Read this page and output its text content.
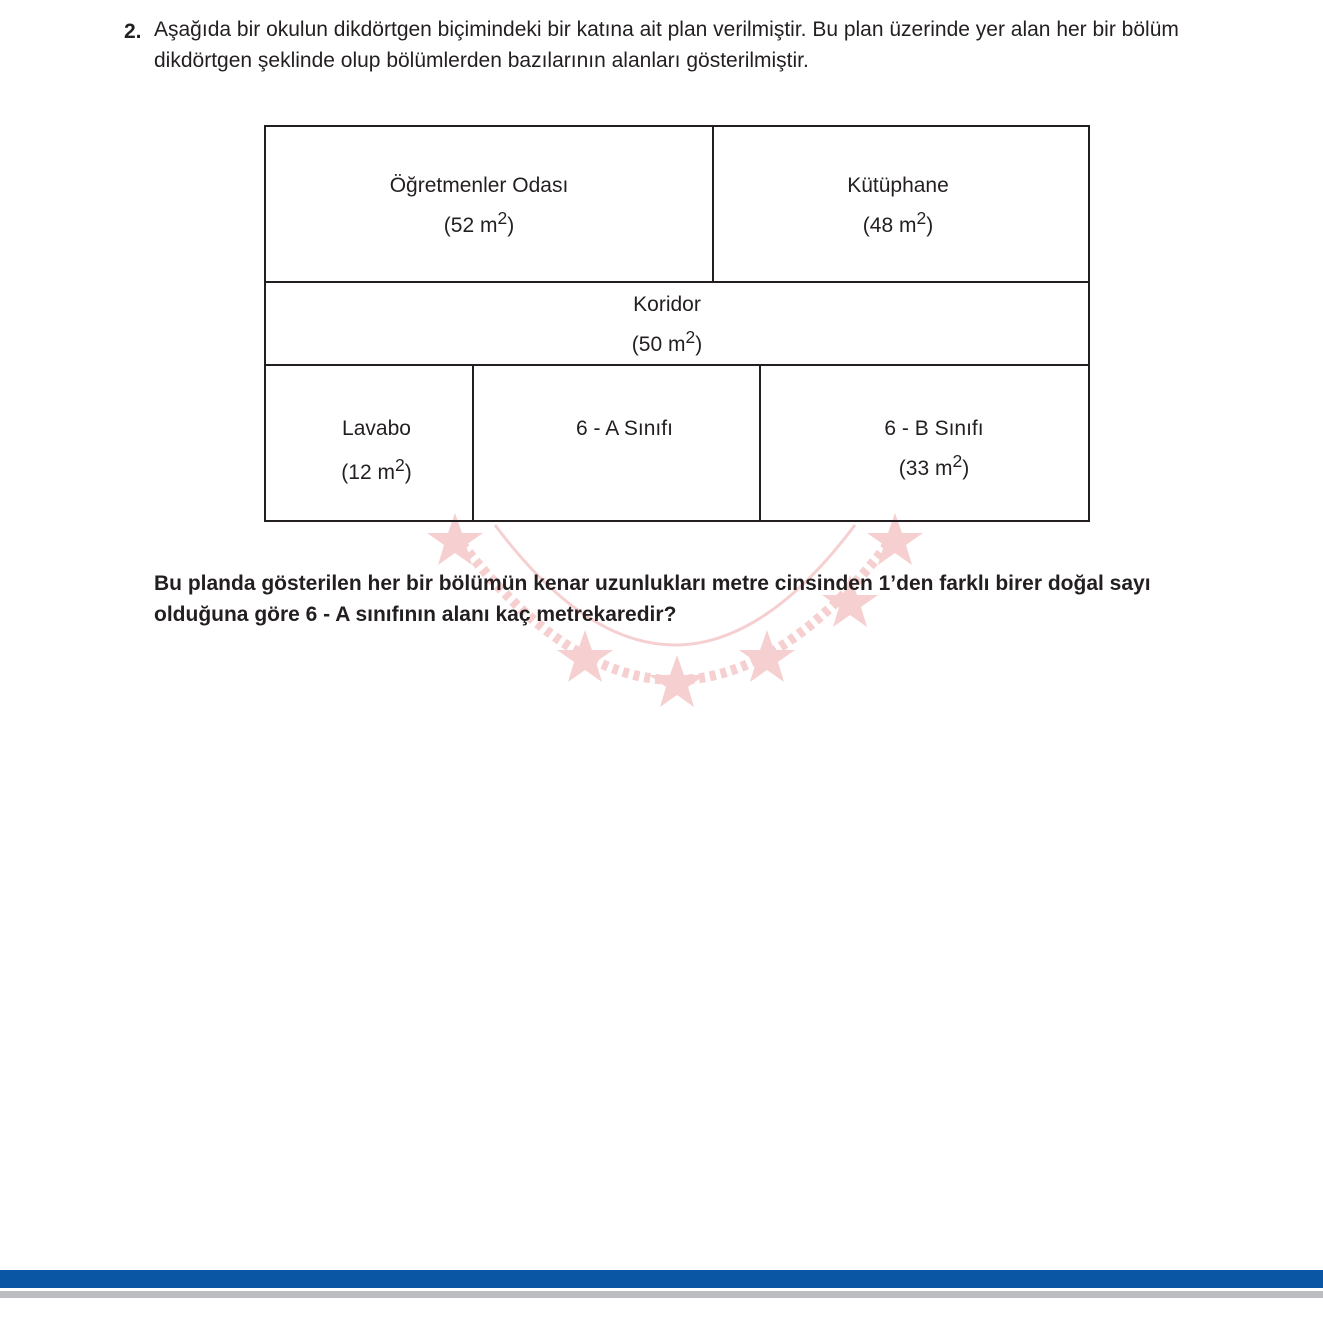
2. Aşağıda bir okulun dikdörtgen biçimindeki bir katına ait plan verilmiştir. Bu plan üzerinde yer alan her bir bölüm dikdörtgen şeklinde olup bölümlerden bazılarının alanları gösterilmiştir.

Öğretmenler Odası
(52 $m^2$)
Kütüphane
(48 $m^2$)
Koridor
(50 $m^2$)
Lavabo
(12 $m^2$)
6 - A Sınıfı	6 - B Sınıfı
(33 $m^2$)

Bu planda gösterilen her bir bölümün kenar uzunlukları metre cinsinden 1’den farklı birer doğal sayı olduğuna göre 6 - A sınıfının alanı kaç metrekaredir?
